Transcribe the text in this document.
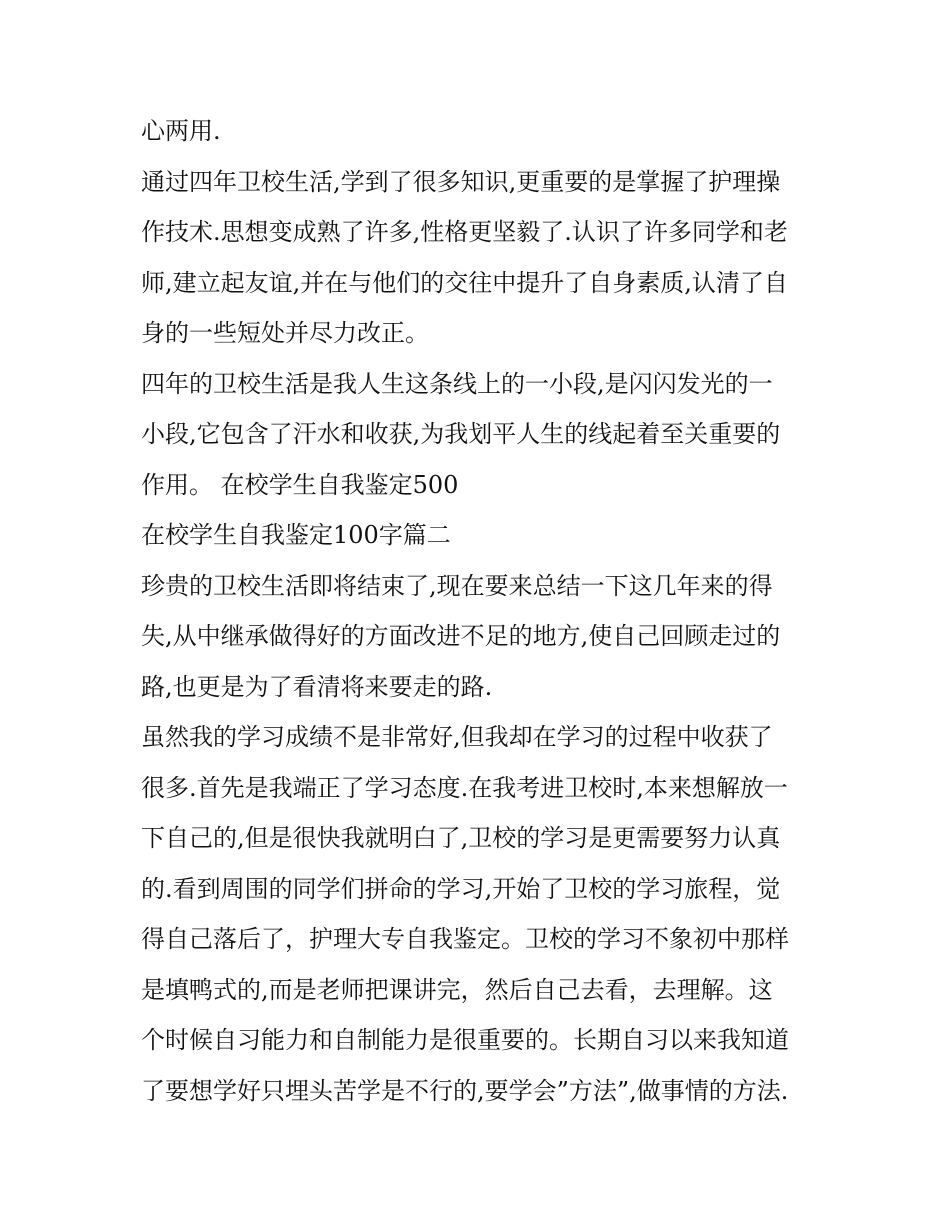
心两用.
通过四年卫校生活,学到了很多知识,更重要的是掌握了护理操
作技术.思想变成熟了许多,性格更坚毅了.认识了许多同学和老
师,建立起友谊,并在与他们的交往中提升了自身素质,认清了自
身的一些短处并尽力改正。
四年的卫校生活是我人生这条线上的一小段,是闪闪发光的一
小段,它包含了汗水和收获,为我划平人生的线起着至关重要的
作用。 在校学生自我鉴定500
在校学生自我鉴定100字篇二
珍贵的卫校生活即将结束了,现在要来总结一下这几年来的得
失,从中继承做得好的方面改进不足的地方,使自己回顾走过的
路,也更是为了看清将来要走的路.
虽然我的学习成绩不是非常好,但我却在学习的过程中收获了
很多.首先是我端正了学习态度.在我考进卫校时,本来想解放一
下自己的,但是很快我就明白了,卫校的学习是更需要努力认真
的.看到周围的同学们拼命的学习,开始了卫校的学习旅程，觉
得自己落后了，护理大专自我鉴定。卫校的学习不象初中那样
是填鸭式的,而是老师把课讲完，然后自己去看，去理解。这
个时候自习能力和自制能力是很重要的。长期自习以来我知道
了要想学好只埋头苦学是不行的,要学会”方法”,做事情的方法.
